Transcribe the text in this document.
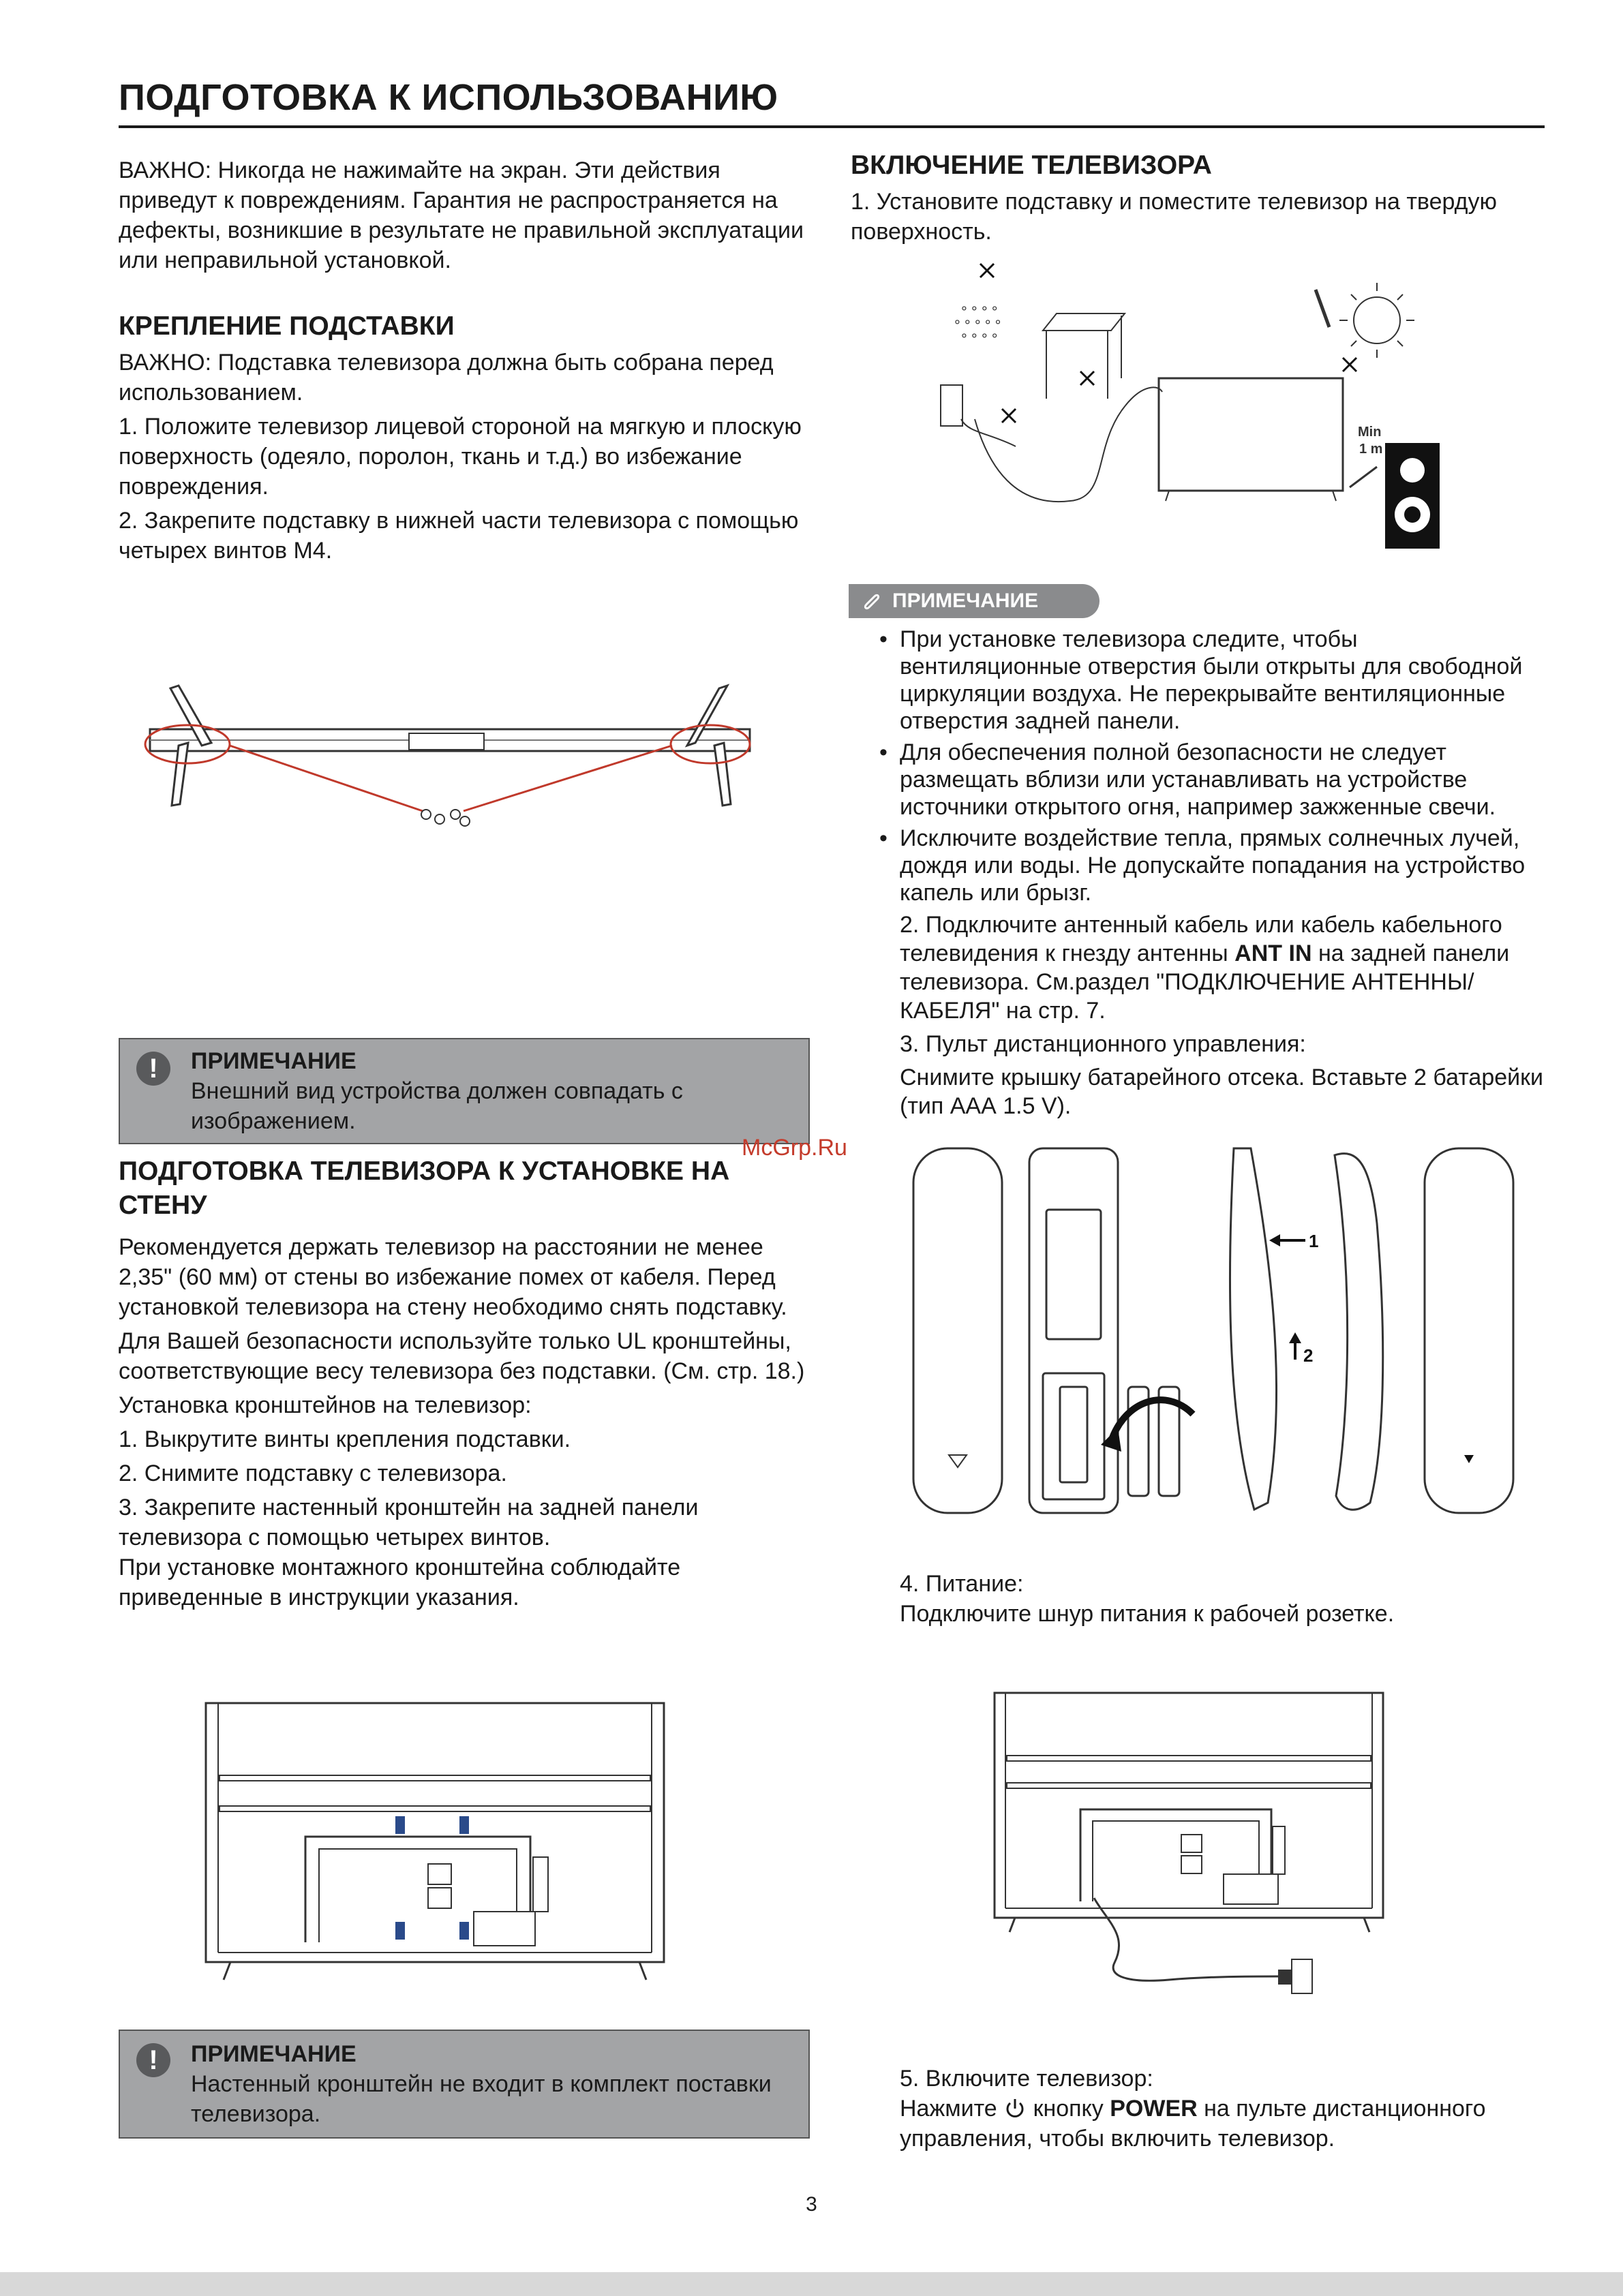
ПОДГОТОВКА К ИСПОЛЬЗОВАНИЮ

ВАЖНО: Никогда не нажимайте на экран. Эти действия приведут к повреждениям. Гарантия не распространяется на дефекты, возникшие в результате не правильной эксплуатации или неправильной установкой.

КРЕПЛЕНИЕ ПОДСТАВКИ

ВАЖНО: Подставка телевизора должна быть собрана перед использованием.

1. Положите телевизор лицевой стороной на мягкую и плоскую поверхность (одеяло, поролон, ткань и т.д.) во избежание повреждения.

2. Закрепите подставку в нижней части телевизора с помощью четырех винтов М4.

!	ПРИМЕЧАНИЕ
Внешний вид устройства должен совпадать с изображением.

ПОДГОТОВКА ТЕЛЕВИЗОРА К УСТАНОВКЕ НА СТЕНУ

Рекомендуется держать телевизор на расстоянии не менее 2,35" (60 мм) от стены во избежание помех от кабеля. Перед установкой телевизора на стену необходимо снять подставку.

Для Вашей безопасности используйте только UL кронштейны, соответствующие весу телевизора без подставки. (См. стр. 18.)

Установка кронштейнов на телевизор:

1. Выкрутите винты крепления подставки.

2. Снимите подставку с телевизора.

3. Закрепите настенный кронштейн на задней панели телевизора с помощью четырех винтов.

При установке монтажного кронштейна соблюдайте приведенные в инструкции указания.

!	ПРИМЕЧАНИЕ
Настенный кронштейн не входит в комплект поставки телевизора.

ВКЛЮЧЕНИЕ ТЕЛЕВИЗОРА

1. Установите подставку и поместите телевизор на твердую поверхность.

° ° ° °
° ° ° ° °
° ° ° °
Min
1 m
ПРИМЕЧАНИЕ

• При установке телевизора следите, чтобы вентиляционные отверстия были открыты для свободной циркуляции воздуха. Не перекрывайте вентиляционные отверстия задней панели.

• Для обеспечения полной безопасности не следует размещать вблизи или устанавливать на устройстве источники открытого огня, например зажженные свечи.

• Исключите воздействие тепла, прямых солнечных лучей, дождя или воды. Не допускайте попадания на устройство капель или брызг.

2. Подключите антенный кабель или кабель кабельного телевидения к гнезду антенны ANT IN на задней панели телевизора. См.раздел "ПОДКЛЮЧЕНИЕ АНТЕННЫ/ КАБЕЛЯ" на стр. 7.

3. Пульт дистанционного управления:

Снимите крышку батарейного отсека. Вставьте 2 батарейки (тип ААА 1.5 V).

1
2

4. Питание:

Подключите шнур питания к рабочей розетке.

5. Включите телевизор:

Нажмите  кнопку POWER на пульте дистанционного управления, чтобы включить телевизор.

McGrp.Ru
3
